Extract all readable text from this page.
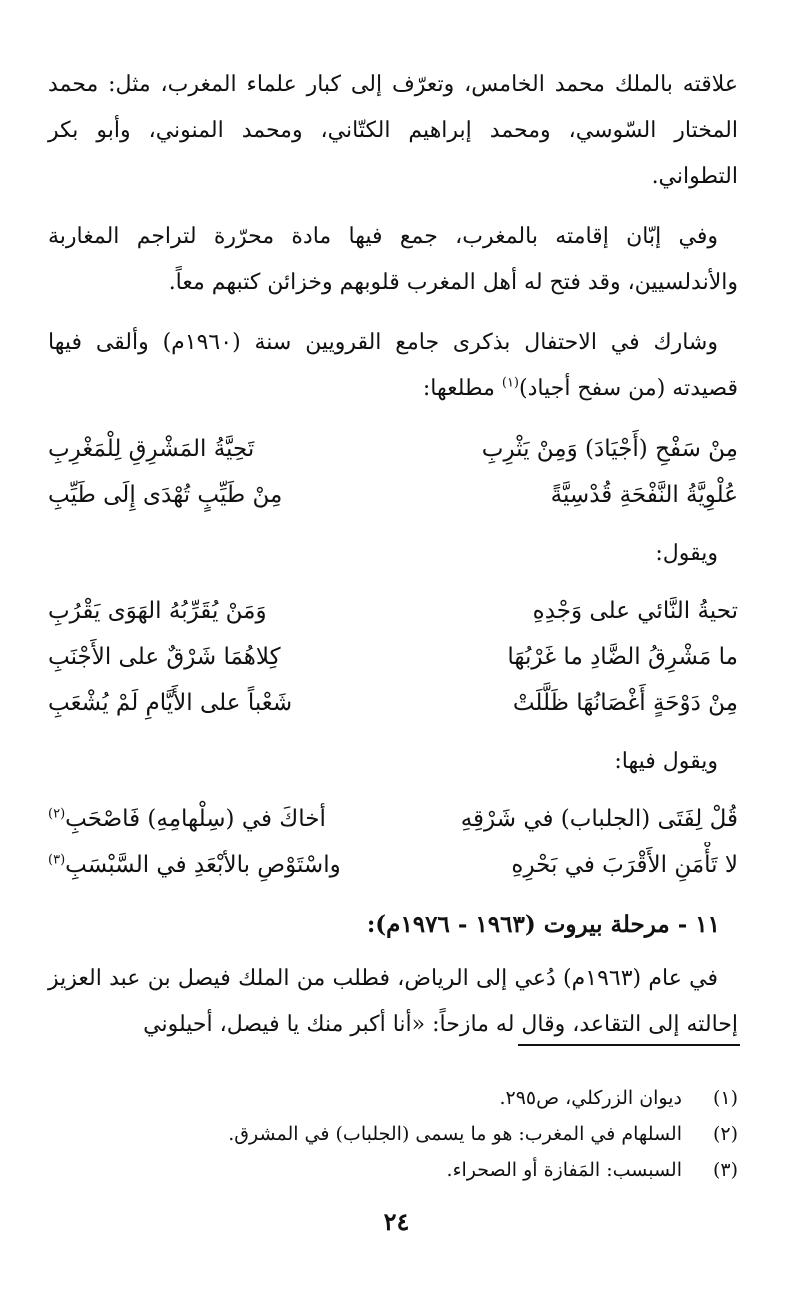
علاقته بالملك محمد الخامس، وتعرّف إلى كبار علماء المغرب، مثل: محمد المختار السّوسي، ومحمد إبراهيم الكتّاني، ومحمد المنوني، وأبو بكر التطواني.

وفي إبّان إقامته بالمغرب، جمع فيها مادة محرّرة لتراجم المغاربة والأندلسيين، وقد فتح له أهل المغرب قلوبهم وخزائن كتبهم معاً.

وشارك في الاحتفال بذكرى جامع القرويين سنة (١٩٦٠م) وألقى فيها قصيدته (من سفح أجياد)$^{(١)}$ مطلعها:

مِنْ سَفْحِ (أَجْيَادَ) وَمِنْ يَثْرِبِ
تَحِيَّةُ المَشْرِقِ لِلْمَغْرِبِ
عُلْوِيَّةُ النَّفْحَةِ قُدْسِيَّةً
مِنْ طَيِّبٍ تُهْدَى إِلَى طَيِّبِ
ويقول:
تحيةُ النَّائي على وَجْدِهِ
وَمَنْ يُقَرِّبُهُ الهَوَى يَقْرُبِ
ما مَشْرِقُ الضَّادِ ما غَرْبُهَا
كِلاهُمَا شَرْقٌ على الأَجْنَبِ
مِنْ دَوْحَةٍ أَغْصَانُهَا ظَلَّلَتْ
شَعْباً على الأَيَّامِ لَمْ يُشْعَبِ
ويقول فيها:
قُلْ لِفَتَى (الجلباب) في شَرْقِهِ
أخاكَ في (سِلْهامِهِ) فَاصْحَبِ$^{(٢)}$
لا تَأْمَنِ الأَقْرَبَ في بَحْرِهِ
واسْتَوْصِ بالأبْعَدِ في السَّبْسَبِ$^{(٣)}$
١١ - مرحلة بيروت (١٩٦٣ - ١٩٧٦م):

في عام (١٩٦٣م) دُعي إلى الرياض، فطلب من الملك فيصل بن عبد العزيز إحالته إلى التقاعد، وقال له مازحاً: «أنا أكبر منك يا فيصل، أحيلوني

(١)
ديوان الزركلي، ص٢٩٥.
(٢)
السلهام في المغرب: هو ما يسمى (الجلباب) في المشرق.
(٣)
السبسب: المَفازة أو الصحراء.
٢٤
